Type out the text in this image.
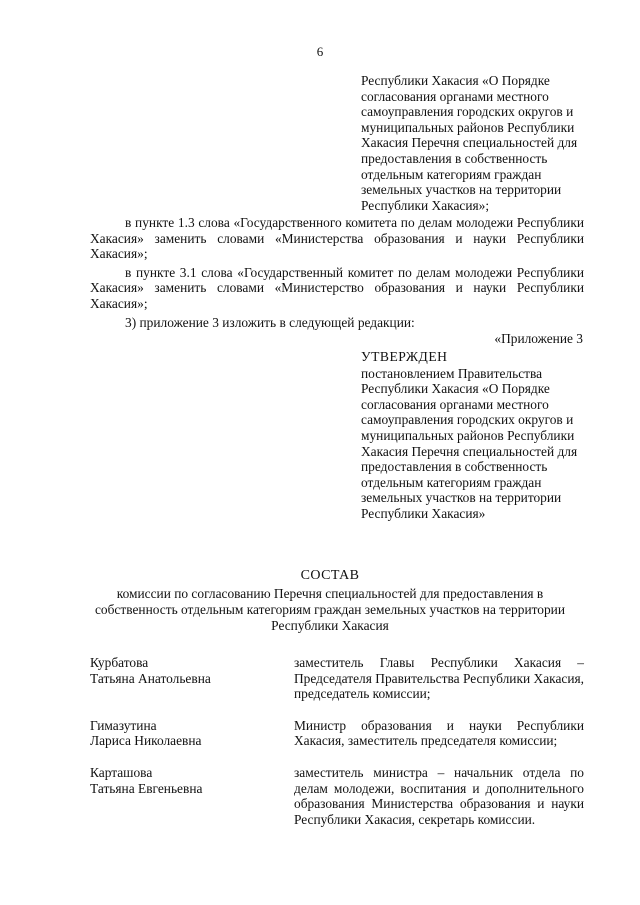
6
Республики Хакасия «О Порядке
согласования органами местного
самоуправления городских округов и
муниципальных районов Республики
Хакасия Перечня специальностей для
предоставления в собственность
отдельным категориям граждан
земельных участков на территории
Республики Хакасия»;

в пункте 1.3 слова «Государственного комитета по делам молодежи Республики Хакасия» заменить словами «Министерства образования и науки Республики Хакасия»;

в пункте 3.1 слова «Государственный комитет по делам молодежи Республики Хакасия» заменить словами «Министерство образования и науки Республики Хакасия»;

3) приложение 3 изложить в следующей редакции:

«Приложение 3
УТВЕРЖДЕН
постановлением Правительства
Республики Хакасия «О Порядке
согласования органами местного
самоуправления городских округов и
муниципальных районов Республики
Хакасия Перечня специальностей для
предоставления в собственность
отдельным категориям граждан
земельных участков на территории
Республики Хакасия»
СОСТАВ
комиссии по согласованию Перечня специальностей для предоставления в
собственность отдельным категориям граждан земельных участков на территории
Республики Хакасия
Курбатова
Татьяна Анатольевна
заместитель Главы Республики Хакасия – Председателя Правительства Республики Хакасия, председатель комиссии;
Гимазутина
Лариса Николаевна
Министр образования и науки Республики Хакасия, заместитель председателя комиссии;
Карташова
Татьяна Евгеньевна
заместитель министра – начальник отдела по делам молодежи, воспитания и дополнительного образования Министерства образования и науки Республики Хакасия, секретарь комиссии.
